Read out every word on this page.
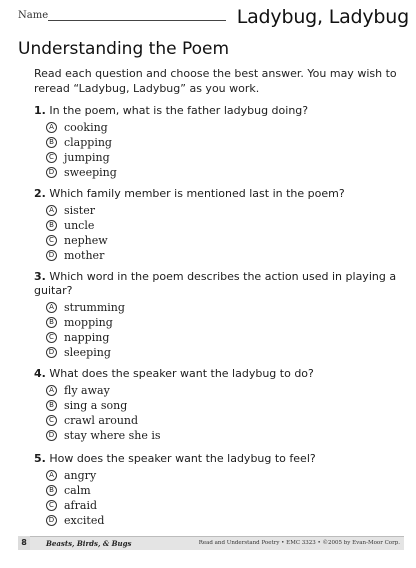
Name	Ladybug, Ladybug
Understanding the Poem
Read each question and choose the best answer. You may wish to reread “Ladybug, Ladybug” as you work.
1. In the poem, what is the father ladybug doing?
A cooking
B clapping
C jumping
D sweeping
2. Which family member is mentioned last in the poem?
A sister
B uncle
C nephew
D mother
3. Which word in the poem describes the action used in playing a guitar?
A strumming
B mopping
C napping
D sleeping
4. What does the speaker want the ladybug to do?
A fly away
B sing a song
C crawl around
D stay where she is
5. How does the speaker want the ladybug to feel?
A angry
B calm
C afraid
D excited
8	Beasts, Birds, & Bugs	Read and Understand Poetry • EMC 3323 • ©2005 by Evan-Moor Corp.
